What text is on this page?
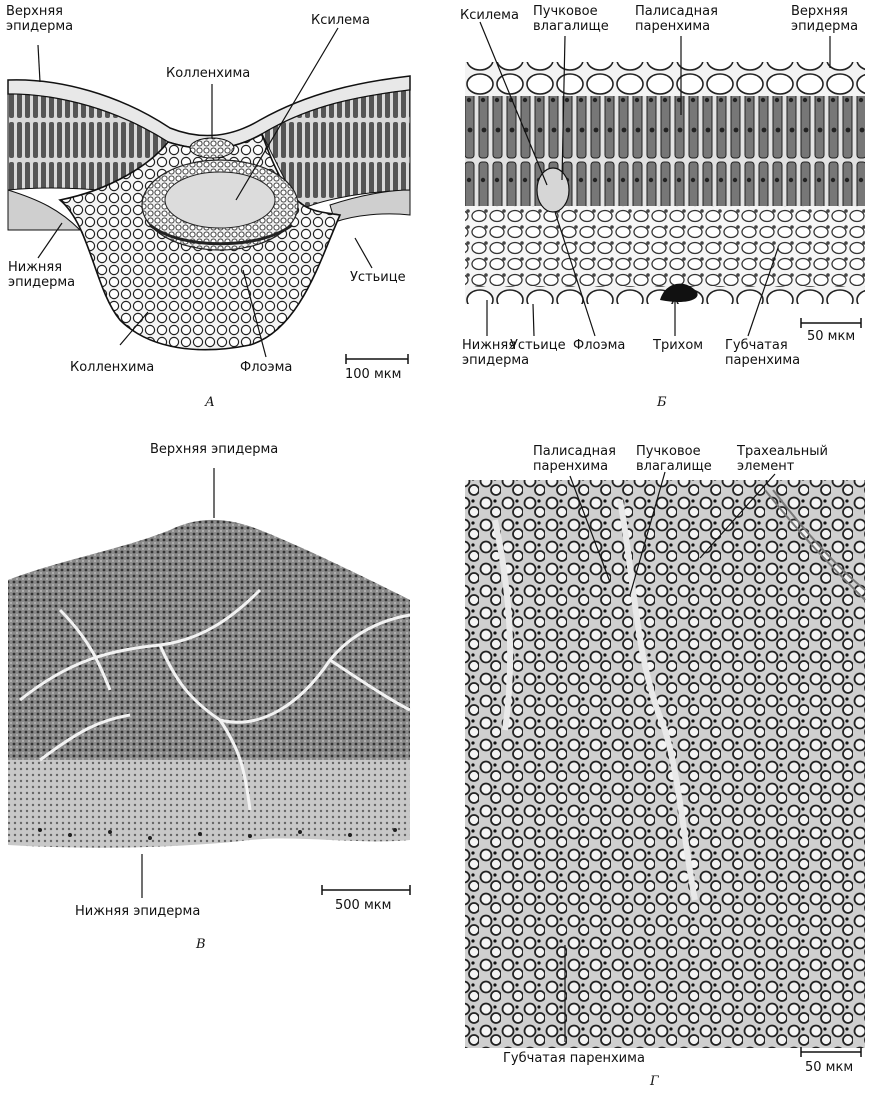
Верхняя
эпидерма
Колленхима
Ксилема
Нижняя
эпидерма	Устьице
Колленхима	Флоэма	100 мкм
А
Ксилема Пучковое
влагалище
Палисадная
паренхима
Верхняя
эпидерма
Нижняя
эпидерма
Устьице Флоэма Трихом Губчатая
паренхима
50 мкм
Б
Верхняя эпидерма
Нижняя эпидерма	500 мкм
В
Палисадная
паренхима
Пучковое
влагалище
Трахеальный
элемент
Губчатая паренхима
50 мкм
Г
